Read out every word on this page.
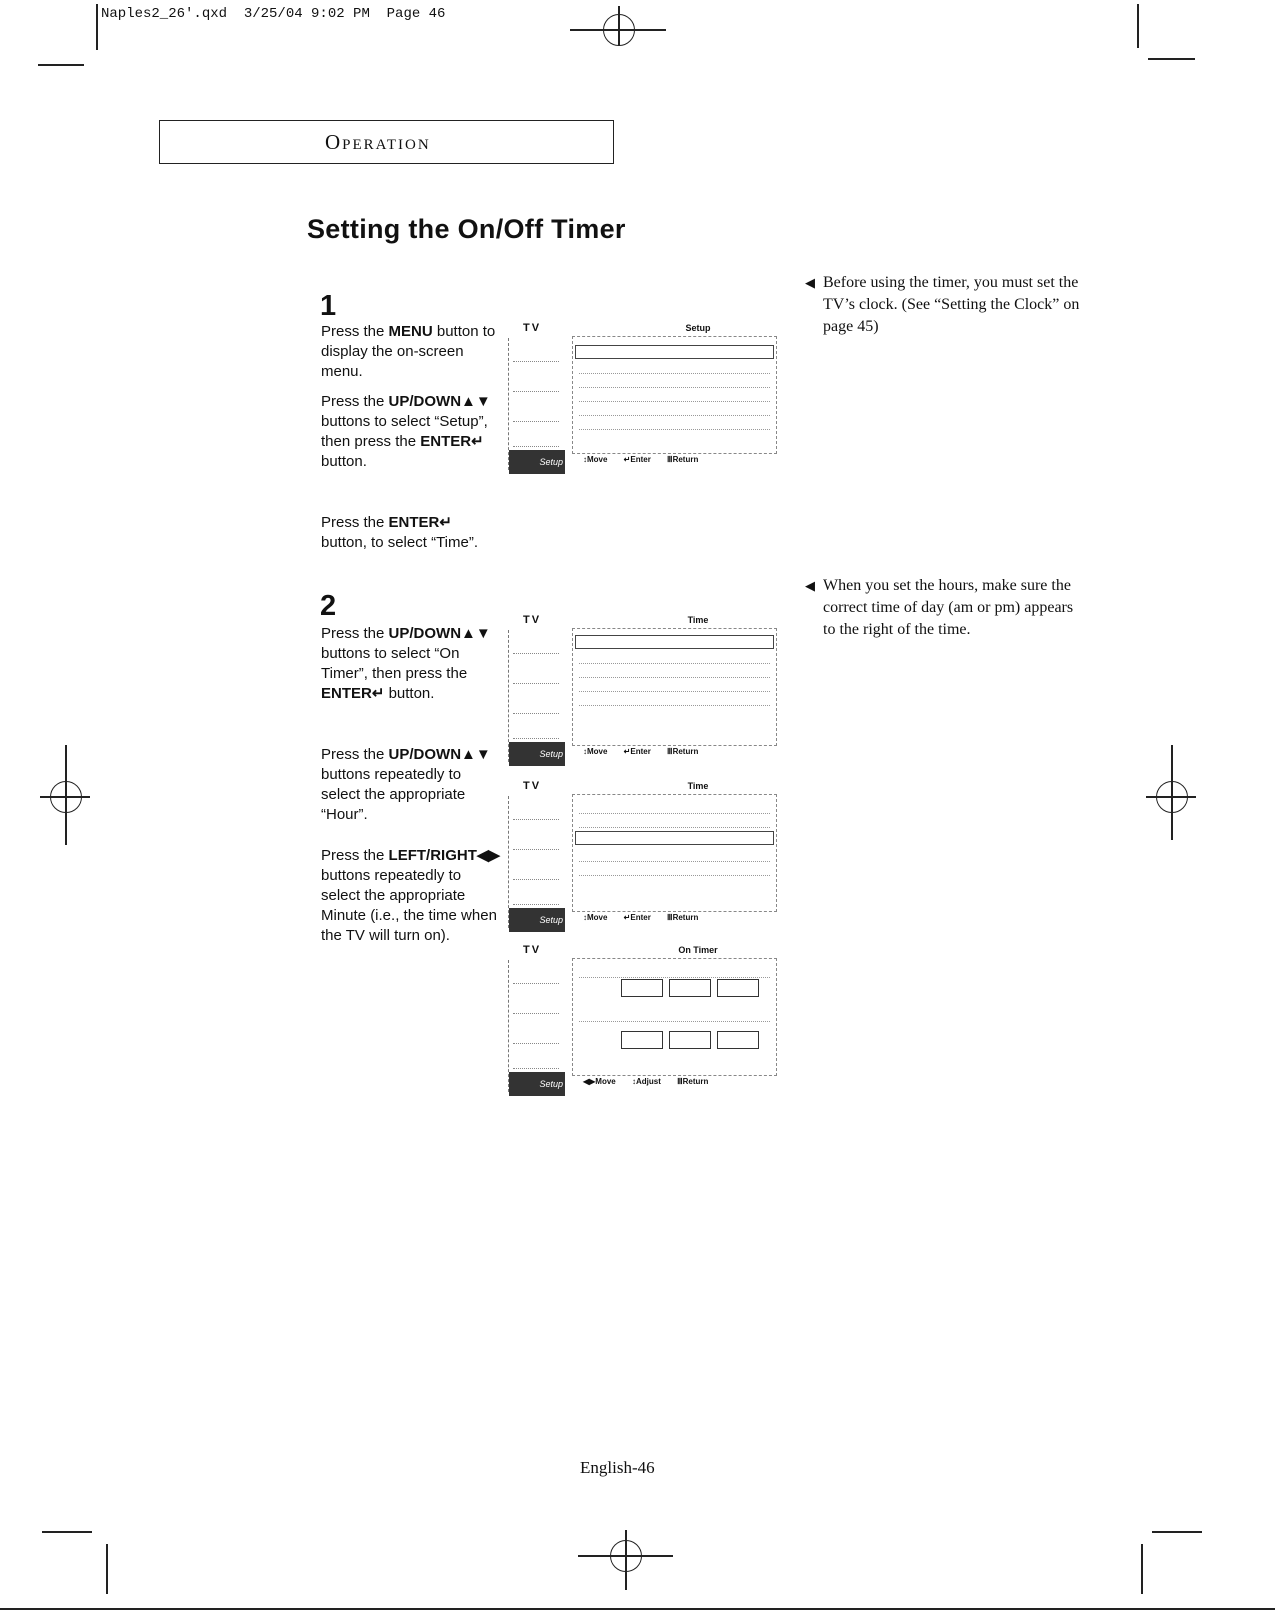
Naples2_26'.qxd  3/25/04 9:02 PM  Page 46
Operation
Setting the On/Off Timer
1
Press the MENU button to display the on-screen menu.
Press the UP/DOWN▲▼ buttons to select “Setup”, then press the ENTER↵ button.
Press the ENTER↵ button, to select “Time”.
2
Press the UP/DOWN▲▼ buttons to select “On Timer”, then press the ENTER↵ button.
Press the UP/DOWN▲▼ buttons repeatedly to select the appropriate “Hour”.
Press the LEFT/RIGHT◀▶ buttons repeatedly to select the appropriate Minute (i.e., the time when the TV will turn on).
◀ Before using the timer, you must set the TV’s clock. (See “Setting the Clock” on page 45)
◀ When you set the hours, make sure the correct time of day (am or pm) appears to the right of the time.
TV	Setup
Setup	↕Move ↵Enter ⅢReturn
TV	Time
Setup	↕Move ↵Enter ⅢReturn
TV	Time
Setup	↕Move ↵Enter ⅢReturn
TV	On Timer
Setup	◀▶Move ↕Adjust ⅢReturn
English-46
